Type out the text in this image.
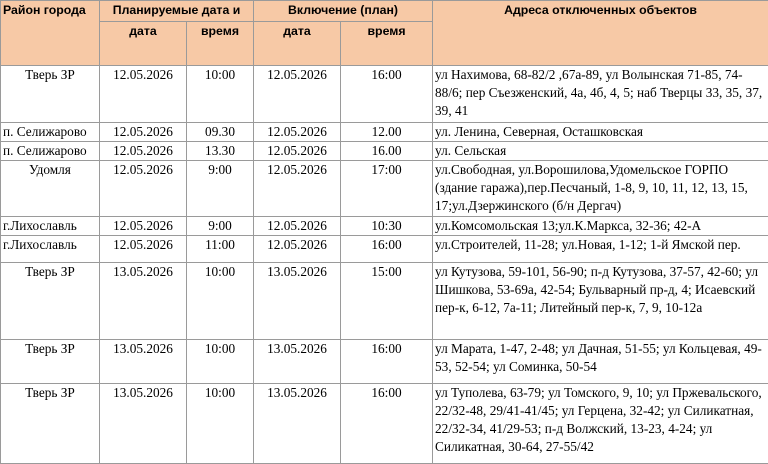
Район города	Планируемые дата и		Включение (план)		Адреса отключенных объектов
	дата	время	дата	время	
Тверь ЗР	12.05.2026	10:00	12.05.2026	16:00	ул Нахимова, 68-82/2 ,67а-89, ул Волынская 71-85, 74-88/6; пер Съезженский, 4а, 4б, 4, 5; наб Тверцы 33, 35, 37, 39, 41
п. Селижарово	12.05.2026	09.30	12.05.2026	12.00	ул. Ленина, Северная, Осташковская
п. Селижарово	12.05.2026	13.30	12.05.2026	16.00	ул. Сельская
Удомля	12.05.2026	9:00	12.05.2026	17:00	ул.Свободная, ул.Ворошилова,Удомельское ГОРПО (здание гаража),пер.Песчаный, 1-8, 9, 10, 11, 12, 13, 15, 17;ул.Дзержинского (б/н Дергач)
г.Лихославль	12.05.2026	9:00	12.05.2026	10:30	ул.Комсомольская 13;ул.К.Маркса, 32-36; 42-А
г.Лихославль	12.05.2026	11:00	12.05.2026	16:00	ул.Строителей, 11-28; ул.Новая, 1-12; 1-й Ямской пер.
Тверь ЗР	13.05.2026	10:00	13.05.2026	15:00	ул Кутузова, 59-101, 56-90; п-д Кутузова, 37-57, 42-60; ул Шишкова, 53-69а, 42-54; Бульварный пр-д, 4; Исаевский пер-к, 6-12, 7а-11; Литейный пер-к, 7, 9, 10-12а
Тверь ЗР	13.05.2026	10:00	13.05.2026	16:00	ул Марата, 1-47, 2-48; ул Дачная, 51-55; ул Кольцевая, 49-53, 52-54; ул Соминка, 50-54
Тверь ЗР	13.05.2026	10:00	13.05.2026	16:00	ул Туполева, 63-79; ул Томского, 9, 10; ул Пржевальского, 22/32-48, 29/41-41/45; ул Герцена, 32-42; ул Силикатная, 22/32-34, 41/29-53; п-д Волжский, 13-23, 4-24; ул Силикатная, 30-64, 27-55/42
